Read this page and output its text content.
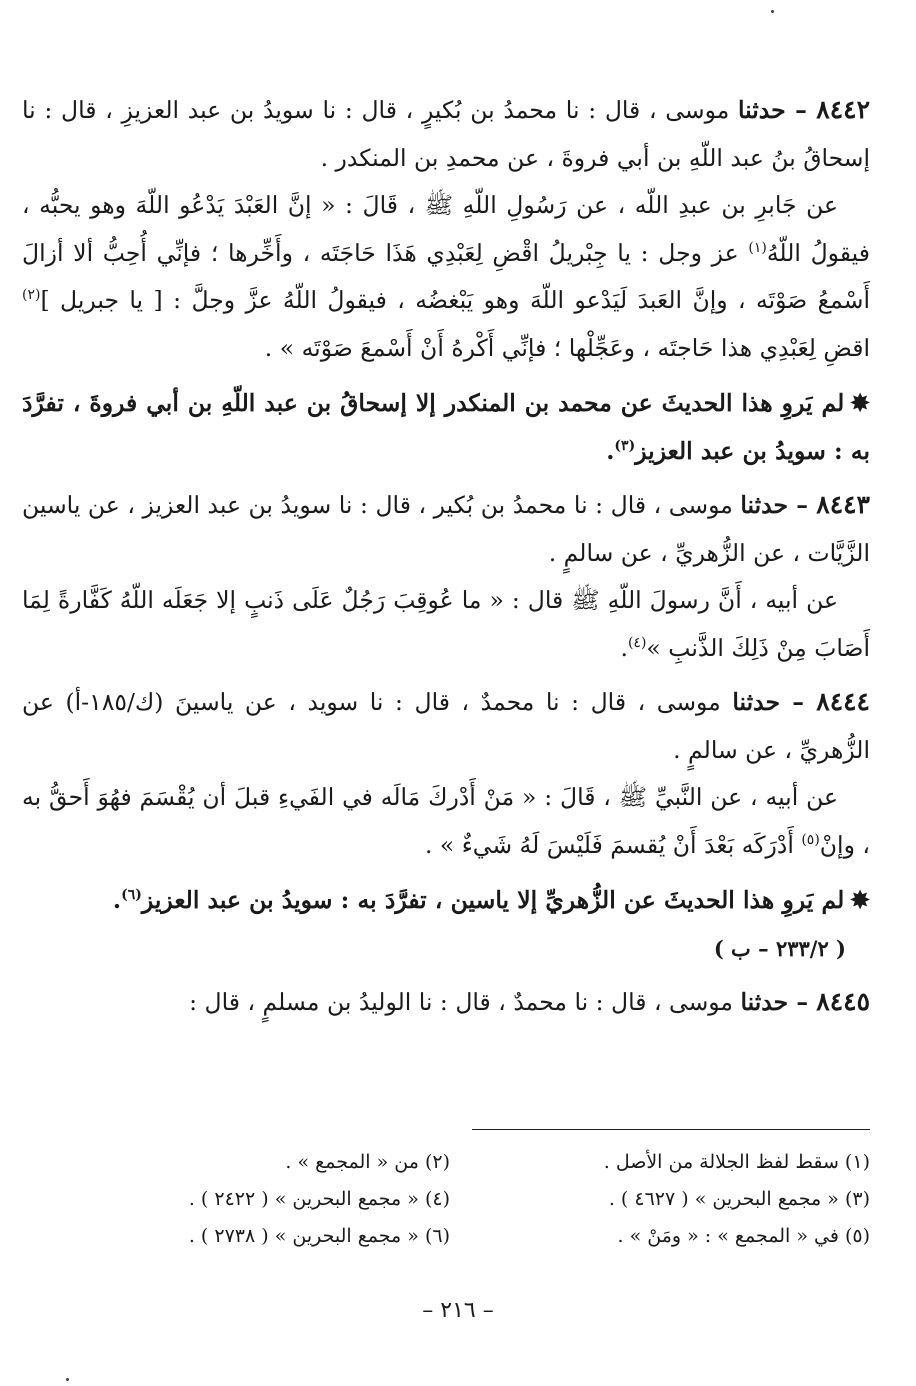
٨٤٤٢ – حدثنا موسى ، قال : نا محمدُ بن بُكيرٍ ، قال : نا سويدُ بن عبد العزيزِ ، قال : نا إسحاقُ بنُ عبد اللّهِ بن أبي فروةَ ، عن محمدِ بن المنكدر .

عن جَابرِ بن عبدِ اللّه ، عن رَسُولِ اللّهِ ﷺ ، قَالَ : « إنَّ العَبْدَ يَدْعُو اللّهَ وهو يحبُّه ، فيقولُ اللّهُ$^{(١)}$ عز وجل : يا جِبْريلُ اقْضِ لِعَبْدِي هَذَا حَاجَتَه ، وأَخِّرها ؛ فإنِّي أُحِبُّ ألا أزالَ أَسْمعُ صَوْتَه ، وإنَّ العَبدَ لَيَدْعو اللّهَ وهو يَبْغضُه ، فيقولُ اللّهُ عزَّ وجلَّ : [ يا جبريل ]$^{(٢)}$ اقضِ لِعَبْدِي هذا حَاجتَه ، وعَجِّلْها ؛ فإنِّي أَكْرهُ أَنْ أَسْمعَ صَوْتَه » .

✸لم يَروِ هذا الحديثَ عن محمد بن المنكدر إلا إسحاقُ بن عبد اللّهِ بن أبي فروةَ ، تفرَّدَ به : سويدُ بن عبد العزيز$^{(٣)}$.

٨٤٤٣ – حدثنا موسى ، قال : نا محمدُ بن بُكير ، قال : نا سويدُ بن عبد العزيز ، عن ياسين الزَّيَّات ، عن الزُّهريِّ ، عن سالمٍ .

عن أبيه ، أَنَّ رسولَ اللّهِ ﷺ قال : « ما عُوقِبَ رَجُلٌ عَلَى ذَنبٍ إلا جَعَلَه اللّهُ كَفَّارةً لِمَا أَصَابَ مِنْ ذَلِكَ الذَّنبِ »$^{(٤)}$.

٨٤٤٤ – حدثنا موسى ، قال : نا محمدٌ ، قال : نا سويد ، عن ياسينَ (ك/١٨٥-أ) عن الزُّهريِّ ، عن سالمٍ .

عن أبيه ، عن النَّبيِّ ﷺ ، قَالَ : « مَنْ أَدْركَ مَالَه في الفَيءِ قبلَ أن يُقْسَمَ فهُوَ أَحقُّ به ، وإنْ$^{(٥)}$ أَدْرَكَه بَعْدَ أَنْ يُقسمَ فَلَيْسَ لَهُ شَيءٌ » .

✸لم يَروِ هذا الحديثَ عن الزُّهريِّ إلا ياسين ، تفرَّدَ به : سويدُ بن عبد العزيز$^{(٦)}$.

( ٢٣٣/٢ – ب )

٨٤٤٥ – حدثنا موسى ، قال : نا محمدٌ ، قال : نا الوليدُ بن مسلمٍ ، قال :

(١) سقط لفظ الجلالة من الأصل .
(٢) من « المجمع » .
(٣) « مجمع البحرين » ( ٤٦٢٧ ) .
(٤) « مجمع البحرين » ( ٢٤٢٢ ) .
(٥) في « المجمع » : « ومَنْ » .
(٦) « مجمع البحرين » ( ٢٧٣٨ ) .
– ٢١٦ –
